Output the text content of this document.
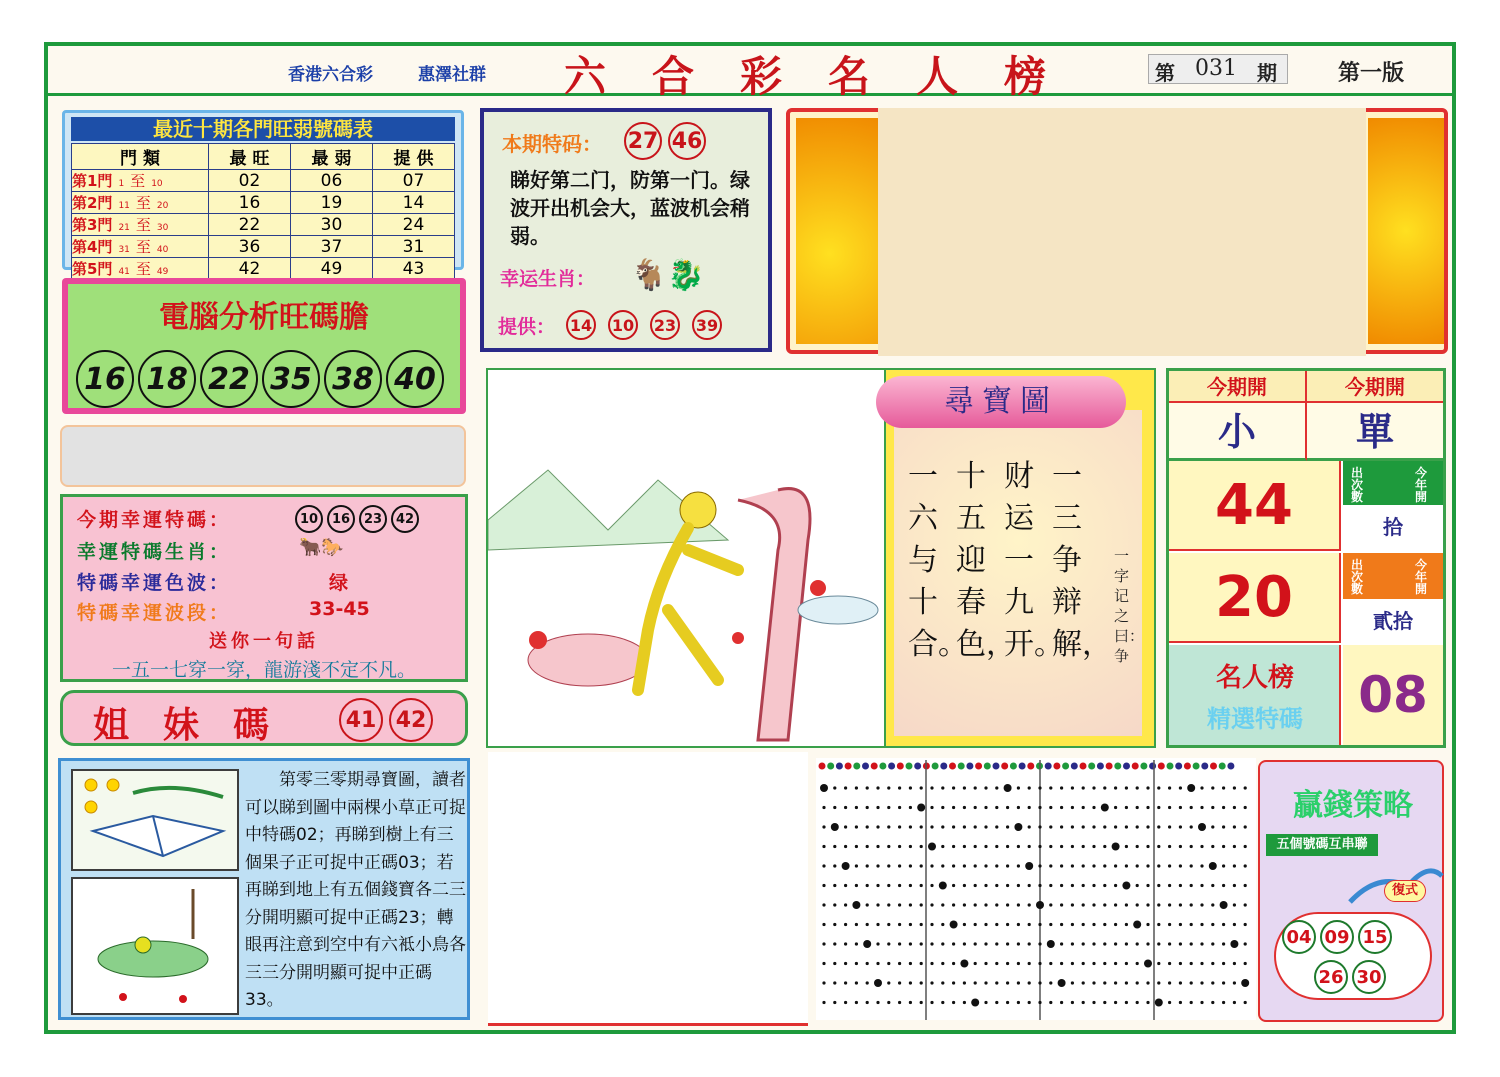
香港六合彩	惠澤社群 六合彩名人榜	第 031 期	第一版
最近十期各門旺弱號碼表
門 類	最 旺	最 弱	提 供
第1門 1 至 10	02	06	07
第2門 11 至 20	16	19	14
第3門 21 至 30	22	30	24
第4門 31 至 40	36	37	31
第5門 41 至 49	42	49	43
電腦分析旺碼膽
16 18 22 35 38 40
今期幸運特碼：	10	16	23	42
幸運特碼生肖：	🐂🐎
特碼幸運色波：	绿
特碼幸運波段：	33-45
送你一句話
一五一七穿一穿，龍游淺不定不凡。
姐妹碼	41 42
第零三零期尋寶圖，讀者可以睇到圖中兩棵小草正可捉中特碼02；再睇到樹上有三個果子正可捉中正碼03；若再睇到地上有五個錢寶各二三分開明顯可捉中正碼23；轉眼再注意到空中有六袛小鳥各三三分開明顯可捉中正碼33。
本期特码： 27 46
睇好第二门，防第一门。绿波开出机会大，蓝波机会稍弱。
幸运生肖： 🐐🐉
提供： 14 10 23 39
尋寶圖
一六与十合。
十五迎春色，
财运一九开。
一三争辩解，
一字记之曰：争
今期開	今期開
小	單
44	出次數
今年開
拾
20	出次數
今年開
貳拾
名人榜
精選特碼	08
贏錢策略
五個號碼互串聯
復式
04 09 15
26 30
